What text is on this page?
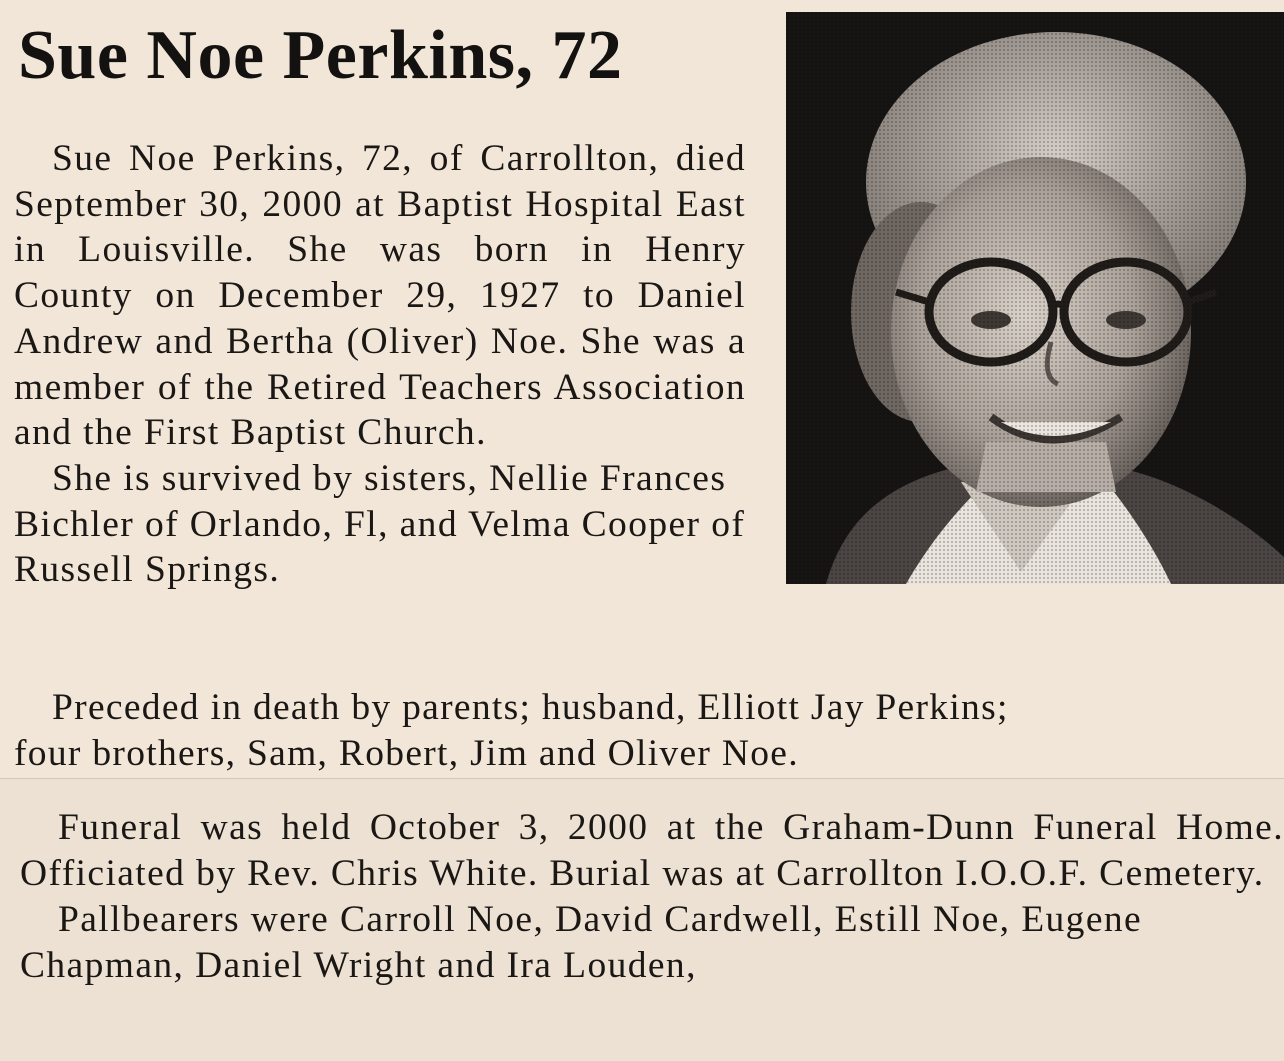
Sue Noe Perkins, 72

Sue Noe Perkins, 72, of Carrollton, died September 30, 2000 at Baptist Hospital East in Louisville. She was born in Henry County on December 29, 1927 to Daniel Andrew and Bertha (Oliver) Noe. She was a member of the Retired Teachers Association and the First Baptist Church.

She is survived by sisters, Nellie Frances Bichler of Orlando, Fl, and Velma Cooper of Russell Springs.

Preceded in death by parents; husband, Elliott Jay Perkins;
four brothers, Sam, Robert, Jim and Oliver Noe.

Funeral was held October 3, 2000 at the Graham-Dunn Funeral Home. Officiated by Rev. Chris White. Burial was at Carrollton I.O.O.F. Cemetery.

Pallbearers were Carroll Noe, David Cardwell, Estill Noe, Eugene Chapman, Daniel Wright and Ira Louden,
